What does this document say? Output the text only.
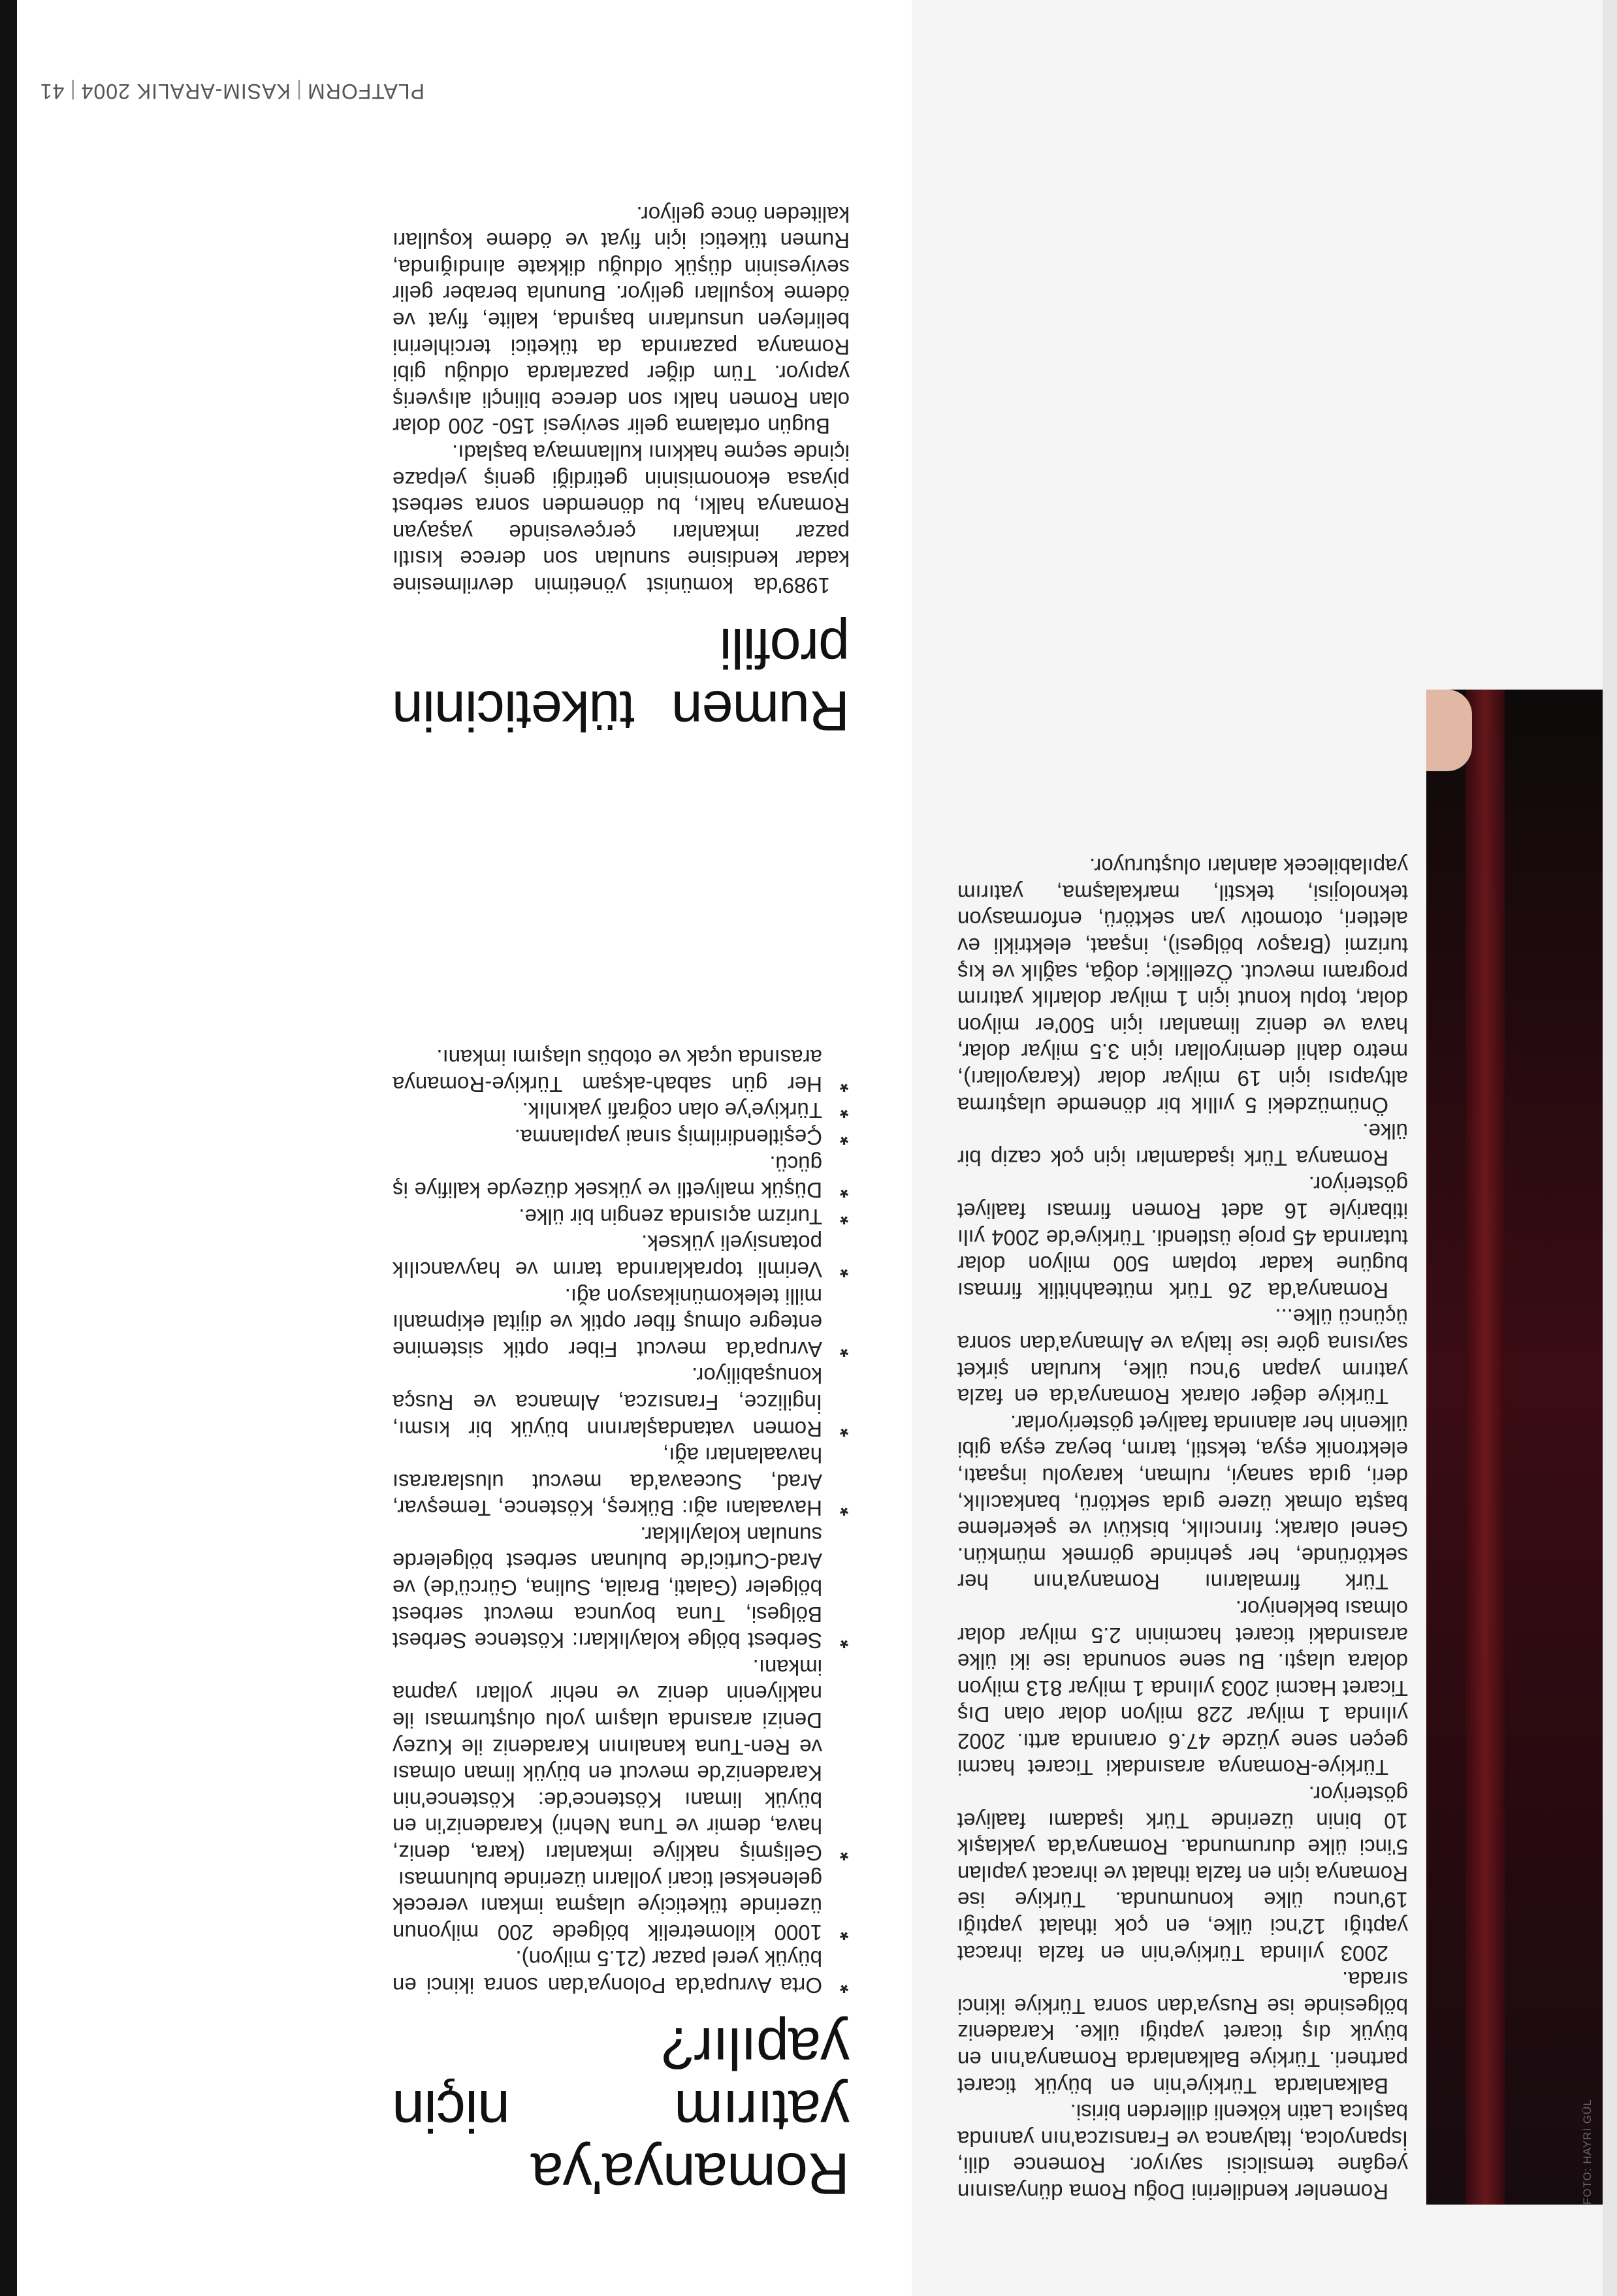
FOTO: HAYRİ GÜL

Romenler kendilerini Doğu Roma dünyasının yegâne temsilcisi sayıyor. Romence dili, İspanyolca, İtalyanca ve Fransızca'nın yanında başlıca Latin kökenli dillerden birisi.

Balkanlarda Türkiye'nin en büyük ticaret partneri. Türkiye Balkanlarda Romanya'nın en büyük dış ticaret yaptığı ülke. Karadeniz bölgesinde ise Rusya'dan sonra Türkiye ikinci sırada.

2003 yılında Türkiye'nin en fazla ihracat yaptığı 12'nci ülke, en çok ithalat yaptığı 19'uncu ülke konumunda. Türkiye ise Romanya için en fazla ithalat ve ihracat yapılan 5'inci ülke durumunda. Romanya'da yaklaşık 10 binin üzerinde Türk işadamı faaliyet gösteriyor.

Türkiye-Romanya arasındaki Ticaret hacmi geçen sene yüzde 47.6 oranında arttı. 2002 yılında 1 milyar 228 milyon dolar olan Dış Ticaret Hacmi 2003 yılında 1 milyar 813 milyon dolara ulaştı. Bu sene sonunda ise iki ülke arasındaki ticaret hacminin 2.5 milyar dolar olması bekleniyor.

Türk firmalarını Romanya'nın her sektöründe, her şehrinde görmek mümkün. Genel olarak; fırıncılık, bisküvi ve şekerleme başta olmak üzere gıda sektörü, bankacılık, deri, gıda sanayi, rulman, karayolu inşaatı, elektronik eşya, tekstil, tarım, beyaz eşya gibi ülkenin her alanında faaliyet gösteriyorlar.

Türkiye değer olarak Romanya'da en fazla yatırım yapan 9'ncu ülke, kurulan şirket sayısına göre ise İtalya ve Almanya'dan sonra üçüncü ülke...

Romanya'da 26 Türk müteahhitlik firması bugüne kadar toplam 500 milyon dolar tutarında 45 proje üstlendi. Türkiye'de 2004 yılı itibariyle 16 adet Romen firması faaliyet gösteriyor.

Romanya Türk işadamları için çok cazip bir ülke.

Önümüzdeki 5 yıllık bir dönemde ulaştırma altyapısı için 19 milyar dolar (Karayolları), metro dahil demiryolları için 3.5 milyar dolar, hava ve deniz limanları için 500'er milyon dolar, toplu konut için 1 milyar dolarlık yatırım programı mevcut. Özellikle; doğa, sağlık ve kış turizmi (Braşov bölgesi), inşaat, elektrikli ev aletleri, otomotiv yan sektörü, enformasyon teknolojisi, tekstil, markalaşma, yatırım yapılabilecek alanları oluşturuyor.

Romanya'ya yatırım niçin yapılır?
* Orta Avrupa'da Polonya'dan sonra ikinci en büyük yerel pazar (21.5 milyon).
* 1000 kilometrelik bölgede 200 milyonun üzerinde tüketiciye ulaşma imkanı verecek geleneksel ticari yolların üzerinde bulunması
* Gelişmiş nakliye imkanları (kara, deniz, hava, demir ve Tuna Nehri) Karadeniz'in en büyük limanı Köstence'de: Köstence'nin Karadeniz'de mevcut en büyük liman olması ve Ren-Tuna kanalının Karadeniz ile Kuzey Denizi arasında ulaşım yolu oluşturması ile nakliyenin deniz ve nehir yolları yapma imkanı.
* Serbest bölge kolaylıkları: Köstence Serbest Bölgesi, Tuna boyunca mevcut serbest bölgeler (Galati, Braila, Sulina, Gürcü'de) ve Arad-Curtici'de bulunan serbest bölgelerde sunulan kolaylıklar.
* Havaalanı ağı: Bükreş, Köstence, Temeşvar, Arad, Suceava'da mevcut uluslararası havaalanları ağı,
* Romen vatandaşlarının büyük bir kısmı, İngilizce, Fransızca, Almanca ve Rusça konuşabiliyor.
* Avrupa'da mevcut Fiber optik sistemine entegre olmuş fiber optik ve dijital ekipmanlı milli telekomünikasyon ağı.
* Verimli topraklarında tarım ve hayvancılık potansiyeli yüksek.
* Turizm açısında zengin bir ülke.
* Düşük maliyetli ve yüksek düzeyde kalifiye iş gücü.
* Çeşitlendirilmiş sınai yapılanma.
* Türkiye'ye olan coğrafi yakınlık.
* Her gün sabah-akşam Türkiye-Romanya arasında uçak ve otobüs ulaşımı imkanı.
Rumen tüketicinin profili

1989'da komünist yönetimin devrilmesine kadar kendisine sunulan son derece kısıtlı pazar imkanları çerçevesinde yaşayan Romanya halkı, bu dönemden sonra serbest piyasa ekonomisinin getirdiği geniş yelpaze içinde seçme hakkını kullanmaya başladı.

Bugün ortalama gelir seviyesi 150- 200 dolar olan Romen halkı son derece bilinçli alışveriş yapıyor. Tüm diğer pazarlarda olduğu gibi Romanya pazarında da tüketici tercihlerini belirleyen unsurların başında, kalite, fiyat ve ödeme koşulları geliyor. Bununla beraber gelir seviyesinin düşük olduğu dikkate alındığında, Rumen tüketici için fiyat ve ödeme koşulları kaliteden önce geliyor.

PLATFORM|KASIM-ARALIK 2004|41
